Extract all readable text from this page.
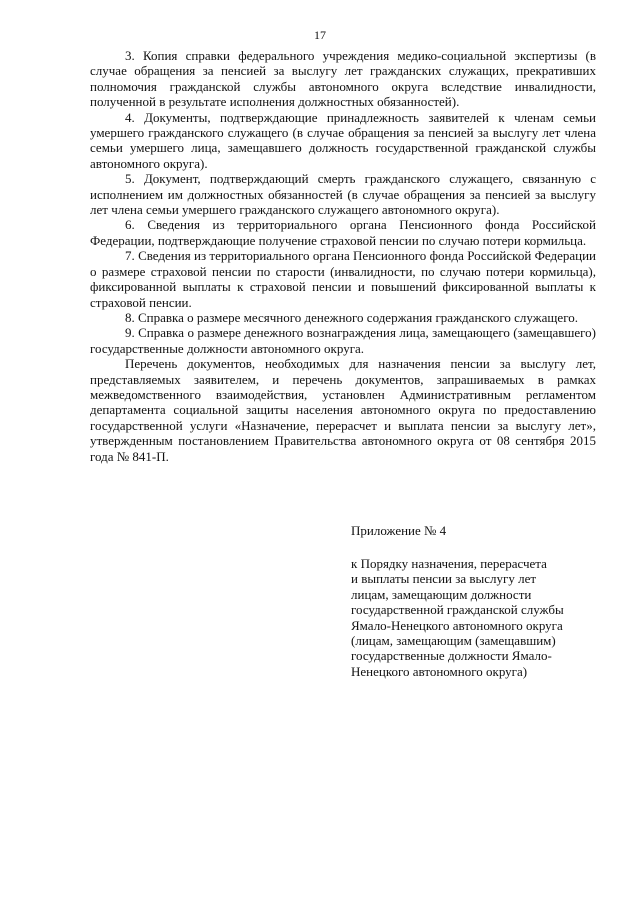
17

3. Копия справки федерального учреждения медико-социальной экспертизы (в случае обращения за пенсией за выслугу лет гражданских служащих, прекративших полномочия гражданской службы автономного округа вследствие инвалидности, полученной в результате исполнения должностных обязанностей).

4. Документы, подтверждающие принадлежность заявителей к членам семьи умершего гражданского служащего (в случае обращения за пенсией за выслугу лет члена семьи умершего лица, замещавшего должность государственной гражданской службы автономного округа).

5. Документ, подтверждающий смерть гражданского служащего, связанную с исполнением им должностных обязанностей (в случае обращения за пенсией за выслугу лет члена семьи умершего гражданского служащего автономного округа).

6. Сведения из территориального органа Пенсионного фонда Российской Федерации, подтверждающие получение страховой пенсии по случаю потери кормильца.

7. Сведения из территориального органа Пенсионного фонда Российской Федерации о размере страховой пенсии по старости (инвалидности, по случаю потери кормильца), фиксированной выплаты к страховой пенсии и повышений фиксированной выплаты к страховой пенсии.

8. Справка о размере месячного денежного содержания гражданского служащего.

9. Справка о размере денежного вознаграждения лица, замещающего (замещавшего) государственные должности автономного округа.

Перечень документов, необходимых для назначения пенсии за выслугу лет, представляемых заявителем, и перечень документов, запрашиваемых в рамках межведомственного взаимодействия, установлен Административным регламентом департамента социальной защиты населения автономного округа по предоставлению государственной услуги «Назначение, перерасчет и выплата пенсии за выслугу лет», утвержденным постановлением Правительства автономного округа от 08 сентября 2015 года № 841-П.

Приложение № 4
к Порядку назначения, перерасчета
и выплаты пенсии за выслугу лет
лицам, замещающим должности
государственной гражданской службы
Ямало-Ненецкого автономного округа
(лицам, замещающим (замещавшим)
государственные должности Ямало-
Ненецкого автономного округа)
